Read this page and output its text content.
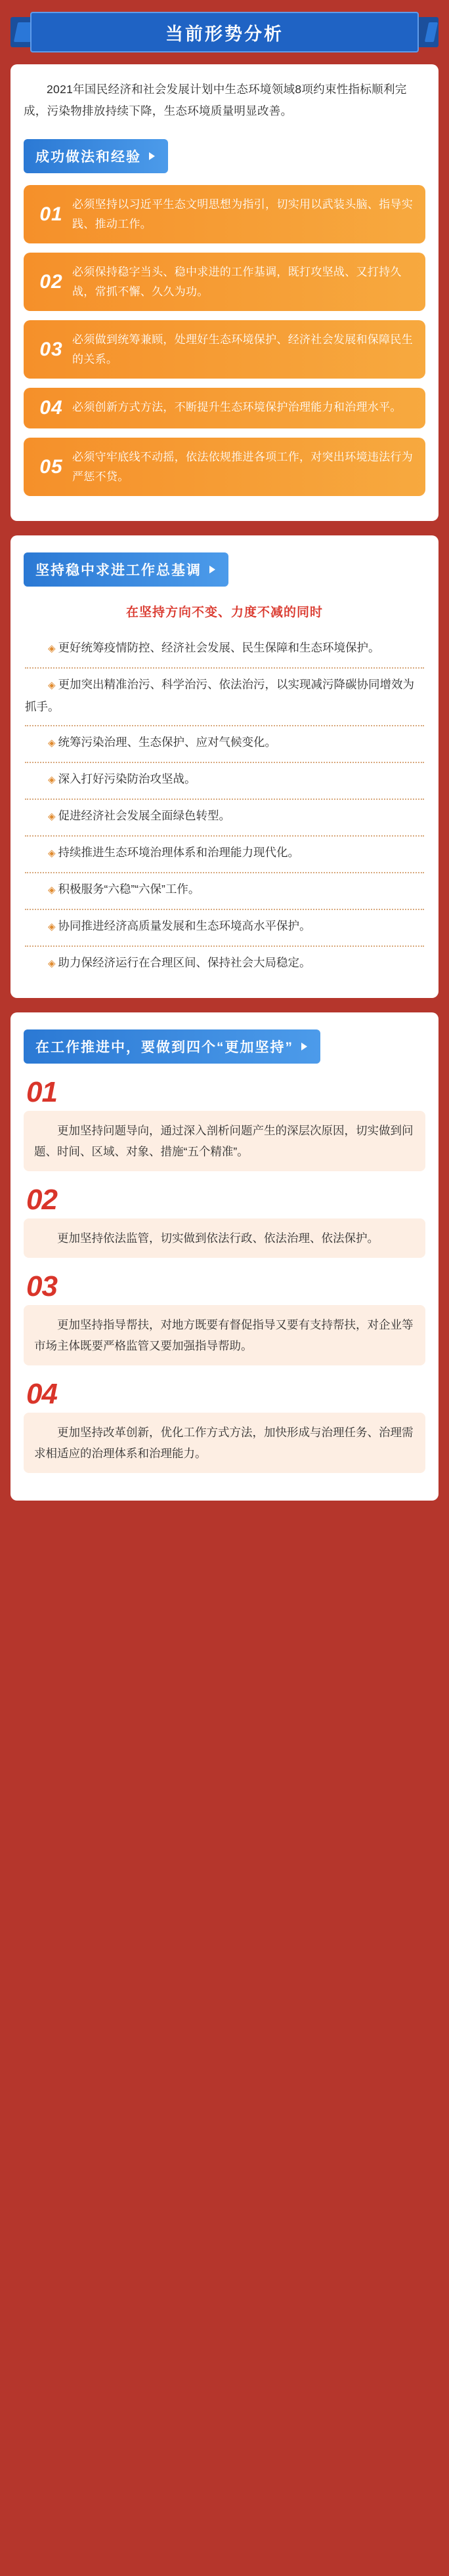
当前形势分析

2021年国民经济和社会发展计划中生态环境领域8项约束性指标顺利完成，污染物排放持续下降，生态环境质量明显改善。

成功做法和经验
01 必须坚持以习近平生态文明思想为指引，切实用以武装头脑、指导实践、推动工作。
02 必须保持稳字当头、稳中求进的工作基调，既打攻坚战、又打持久战，常抓不懈、久久为功。
03 必须做到统筹兼顾，处理好生态环境保护、经济社会发展和保障民生的关系。
04 必须创新方式方法，不断提升生态环境保护治理能力和治理水平。
05 必须守牢底线不动摇，依法依规推进各项工作，对突出环境违法行为严惩不贷。
坚持稳中求进工作总基调
在坚持方向不变、力度不减的同时
◈ 更好统筹疫情防控、经济社会发展、民生保障和生态环境保护。
◈ 更加突出精准治污、科学治污、依法治污，以实现减污降碳协同增效为抓手。
◈ 统筹污染治理、生态保护、应对气候变化。
◈ 深入打好污染防治攻坚战。
◈ 促进经济社会发展全面绿色转型。
◈ 持续推进生态环境治理体系和治理能力现代化。
◈ 积极服务“六稳”“六保”工作。
◈ 协同推进经济高质量发展和生态环境高水平保护。
◈ 助力保经济运行在合理区间、保持社会大局稳定。
在工作推进中，要做到四个“更加坚持”
01
更加坚持问题导向，通过深入剖析问题产生的深层次原因，切实做到问题、时间、区域、对象、措施“五个精准”。
02
更加坚持依法监管，切实做到依法行政、依法治理、依法保护。
03
更加坚持指导帮扶，对地方既要有督促指导又要有支持帮扶，对企业等市场主体既要严格监管又要加强指导帮助。
04
更加坚持改革创新，优化工作方式方法，加快形成与治理任务、治理需求相适应的治理体系和治理能力。
